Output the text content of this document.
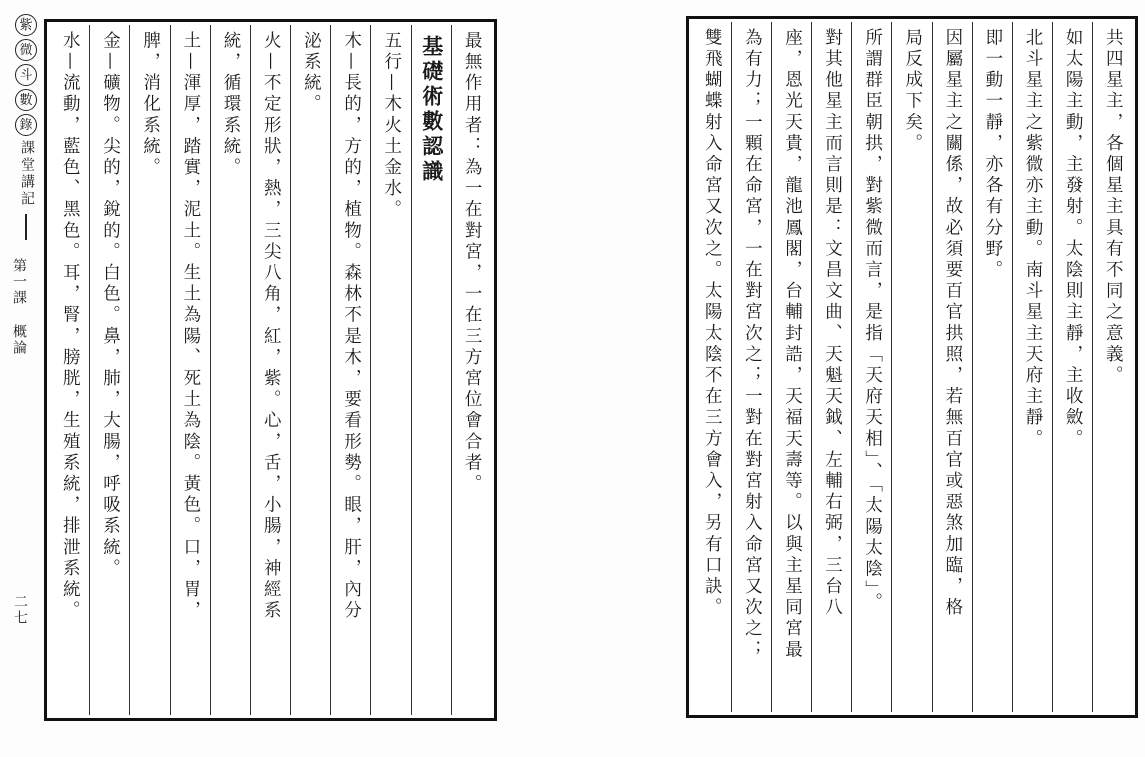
紫
微
斗
數
錄
課堂講記
第一課
概論
二七
最無作用者：為一在對宮，一在三方宮位會合者。
基礎術數認識
五行—木火土金水。
木—長的，方的，植物。森林不是木，要看形勢。眼，肝，內分
泌系統。
火—不定形狀，熱，三尖八角，紅，紫。心，舌，小腸，神經系
統，循環系統。
土—渾厚，踏實，泥土。生土為陽、死土為陰。黃色。口，胃，
脾，消化系統。
金—礦物。尖的，銳的。白色。鼻，肺，大腸，呼吸系統。
水—流動，藍色、黑色。耳，腎，膀胱，生殖系統，排泄系統。	共四星主，各個星主具有不同之意義。
如太陽主動，主發射。太陰則主靜，主收斂。
北斗星主之紫微亦主動。南斗星主天府主靜。
即一動一靜，亦各有分野。
因屬星主之關係，故必須要百官拱照，若無百官或惡煞加臨，格
局反成下矣。
所謂群臣朝拱，對紫微而言，是指「天府天相」、「太陽太陰」。
對其他星主而言則是：文昌文曲、天魁天鉞、左輔右弼，三台八
座，恩光天貴，龍池鳳閣，台輔封誥，天福天壽等。以與主星同宮最
為有力；一顆在命宮，一在對宮次之；一對在對宮射入命宮又次之；
雙飛蝴蝶射入命宮又次之。太陽太陰不在三方會入，另有口訣。
